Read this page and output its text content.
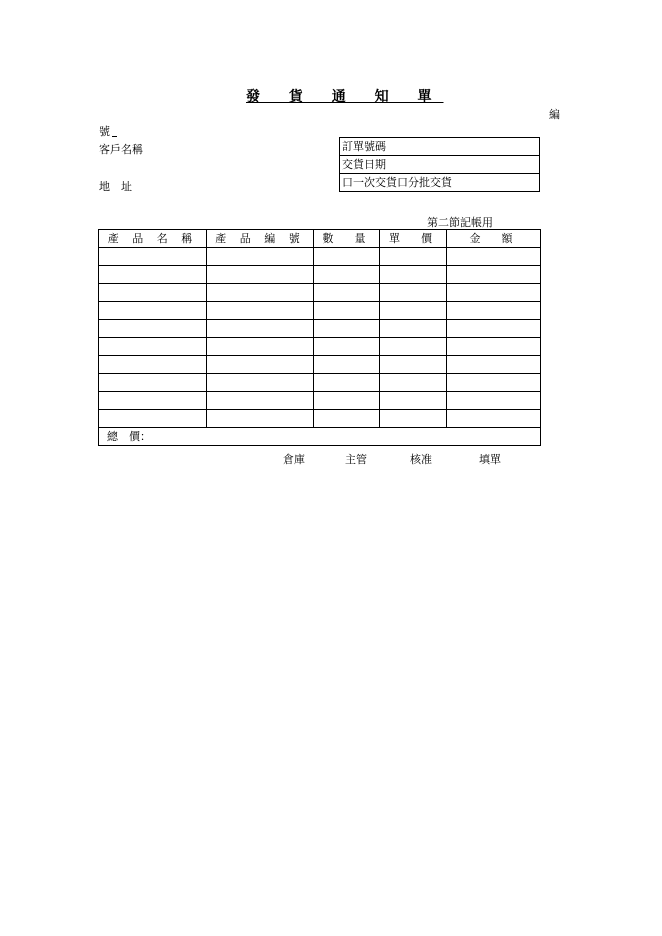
發 貨 通 知 單
編
號
客戶名稱
地　址
訂單號碼
交貨日期
口一次交貨口分批交貨
第二節記帳用
產 品 名 稱	產 品 編 號	數　量	單　價	金　額

總　價：				
倉庫	主管	核准	填單
